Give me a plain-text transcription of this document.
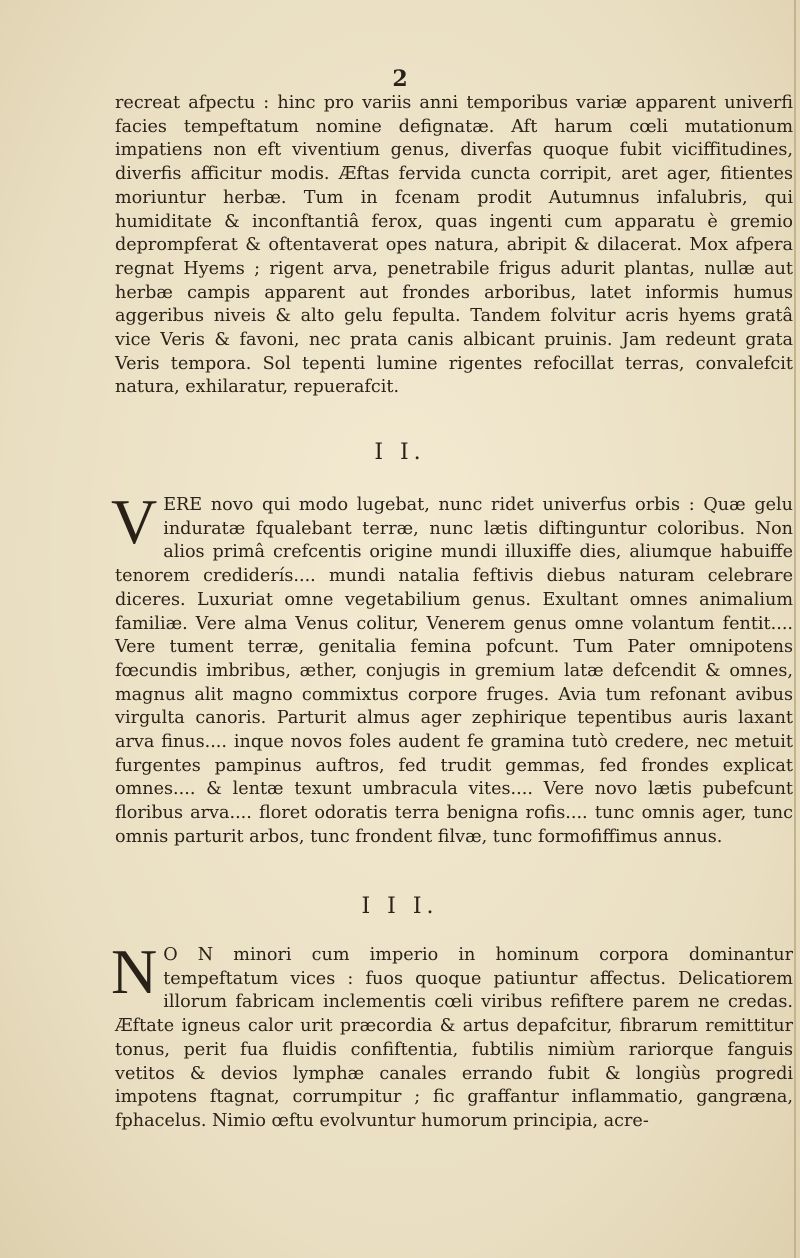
2
recreat afpectu : hinc pro variis anni temporibus variæ apparent univerfi facies tempeftatum nomine defignatæ. Aft harum cœli mutationum impatiens non eft viventium genus, diverfas quoque fubit viciffitudines, diverfis afficitur modis. Æftas fervida cuncta corripit, aret ager, fitientes moriuntur herbæ. Tum in fcenam prodit Autumnus infalubris, qui humiditate & inconftantiâ ferox, quas ingenti cum apparatu è gremio deprompferat & oftentaverat opes natura, abripit & dilacerat. Mox afpera regnat Hyems ; rigent arva, penetrabile frigus adurit plantas, nullæ aut herbæ campis apparent aut frondes arboribus, latet informis humus aggeribus niveis & alto gelu fepulta. Tandem folvitur acris hyems gratâ vice Veris & favoni, nec prata canis albicant pruinis. Jam redeunt grata Veris tempora. Sol tepenti lumine rigentes refocillat terras, convalefcit natura, exhilaratur, repuerafcit.
I I.
VERE novo qui modo lugebat, nunc ridet univerfus orbis : Quæ gelu induratæ fqualebant terræ, nunc lætis diftinguntur coloribus. Non alios primâ crefcentis origine mundi illuxiffe dies, aliumque habuiffe tenorem crediderís.... mundi natalia feftivis diebus naturam celebrare diceres. Luxuriat omne vegetabilium genus. Exultant omnes animalium familiæ. Vere alma Venus colitur, Venerem genus omne volantum fentit.... Vere tument terræ, genitalia femina pofcunt. Tum Pater omnipotens fœcundis imbribus, æther, conjugis in gremium latæ defcendit & omnes, magnus alit magno commixtus corpore fruges. Avia tum refonant avibus virgulta canoris. Parturit almus ager zephirique tepentibus auris laxant arva finus.... inque novos foles audent fe gramina tutò credere, nec metuit furgentes pampinus auftros, fed trudit gemmas, fed frondes explicat omnes.... & lentæ texunt umbracula vites.... Vere novo lætis pubefcunt floribus arva.... floret odoratis terra benigna rofis.... tunc omnis ager, tunc omnis parturit arbos, tunc frondent filvæ, tunc formofiffimus annus.
I I I.
N O N minori cum imperio in hominum corpora dominantur tempeftatum vices : fuos quoque patiuntur affectus. Delicatiorem illorum fabricam inclementis cœli viribus refiftere parem ne credas. Æftate igneus calor urit præcordia & artus depafcitur, fibrarum remittitur tonus, perit fua fluidis confiftentia, fubtilis nimiùm rariorque fanguis vetitos & devios lymphæ canales errando fubit & longiùs progredi impotens ftagnat, corrumpitur ; fic graffantur inflammatio, gangræna, fphacelus. Nimio œftu evolvuntur humorum principia, acre-
